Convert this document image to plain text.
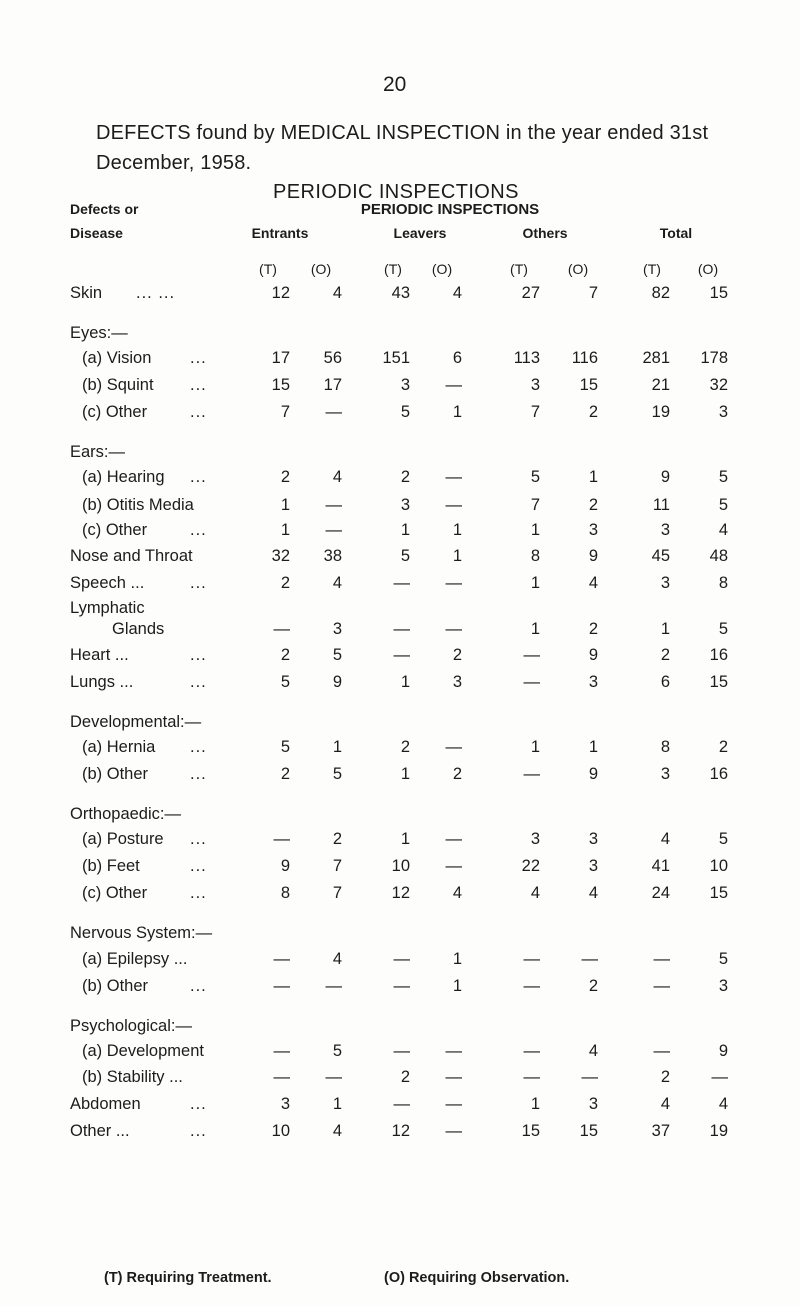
20
DEFECTS found by MEDICAL INSPECTION in the year ended 31st December, 1958.
PERIODIC INSPECTIONS
Defects or
Disease
PERIODIC INSPECTIONS
Entrants	Leavers	Others	Total
(T)	(O)	(T)	(O)	(T)	(O)	(T)	(O)
Skin ... ...	12	4	43	4	27	7	82	15
Eyes:—
(a) Vision ...	17	56	151	6	113	116	281	178
(b) Squint ...	15	17	3	—	3	15	21	32
(c) Other	...	7	—	5	1	7	2	19	3
Ears:—
(a) Hearing ...	2	4	2	—	5	1	9	5
(b) Otitis Media	1	—	3	—	7	2	11	5
(c) Other	...	1	—	1	1	1	3	3	4
Nose and Throat	32	38	5	1	8	9	45	48
Speech ...	...	2	4	—	—	1	4	3	8
Lymphatic
Glands	—	3	—	—	1	2	1	5
Heart ...	...	2	5	—	2	—	9	2	16
Lungs ...	...	5	9	1	3	—	3	6	15
Developmental:—
(a) Hernia ...	5	1	2	—	1	1	8	2
(b) Other	...	2	5	1	2	—	9	3	16
Orthopaedic:—
(a) Posture ...	—	2	1	—	3	3	4	5
(b) Feet	...	9	7	10	—	22	3	41	10
(c) Other	...	8	7	12	4	4	4	24	15
Nervous System:—
(a) Epilepsy ...	—	4	—	1	—	—	—	5
(b) Other	...	—	—	—	1	—	2	—	3
Psychological:—
(a) Development	—	5	—	—	—	4	—	9
(b) Stability ...	—	—	2	—	—	—	2	—
Abdomen	...	3	1	—	—	1	3	4	4
Other ...	...	10	4	12	—	15	15	37	19
(T) Requiring Treatment.	(O) Requiring Observation.
